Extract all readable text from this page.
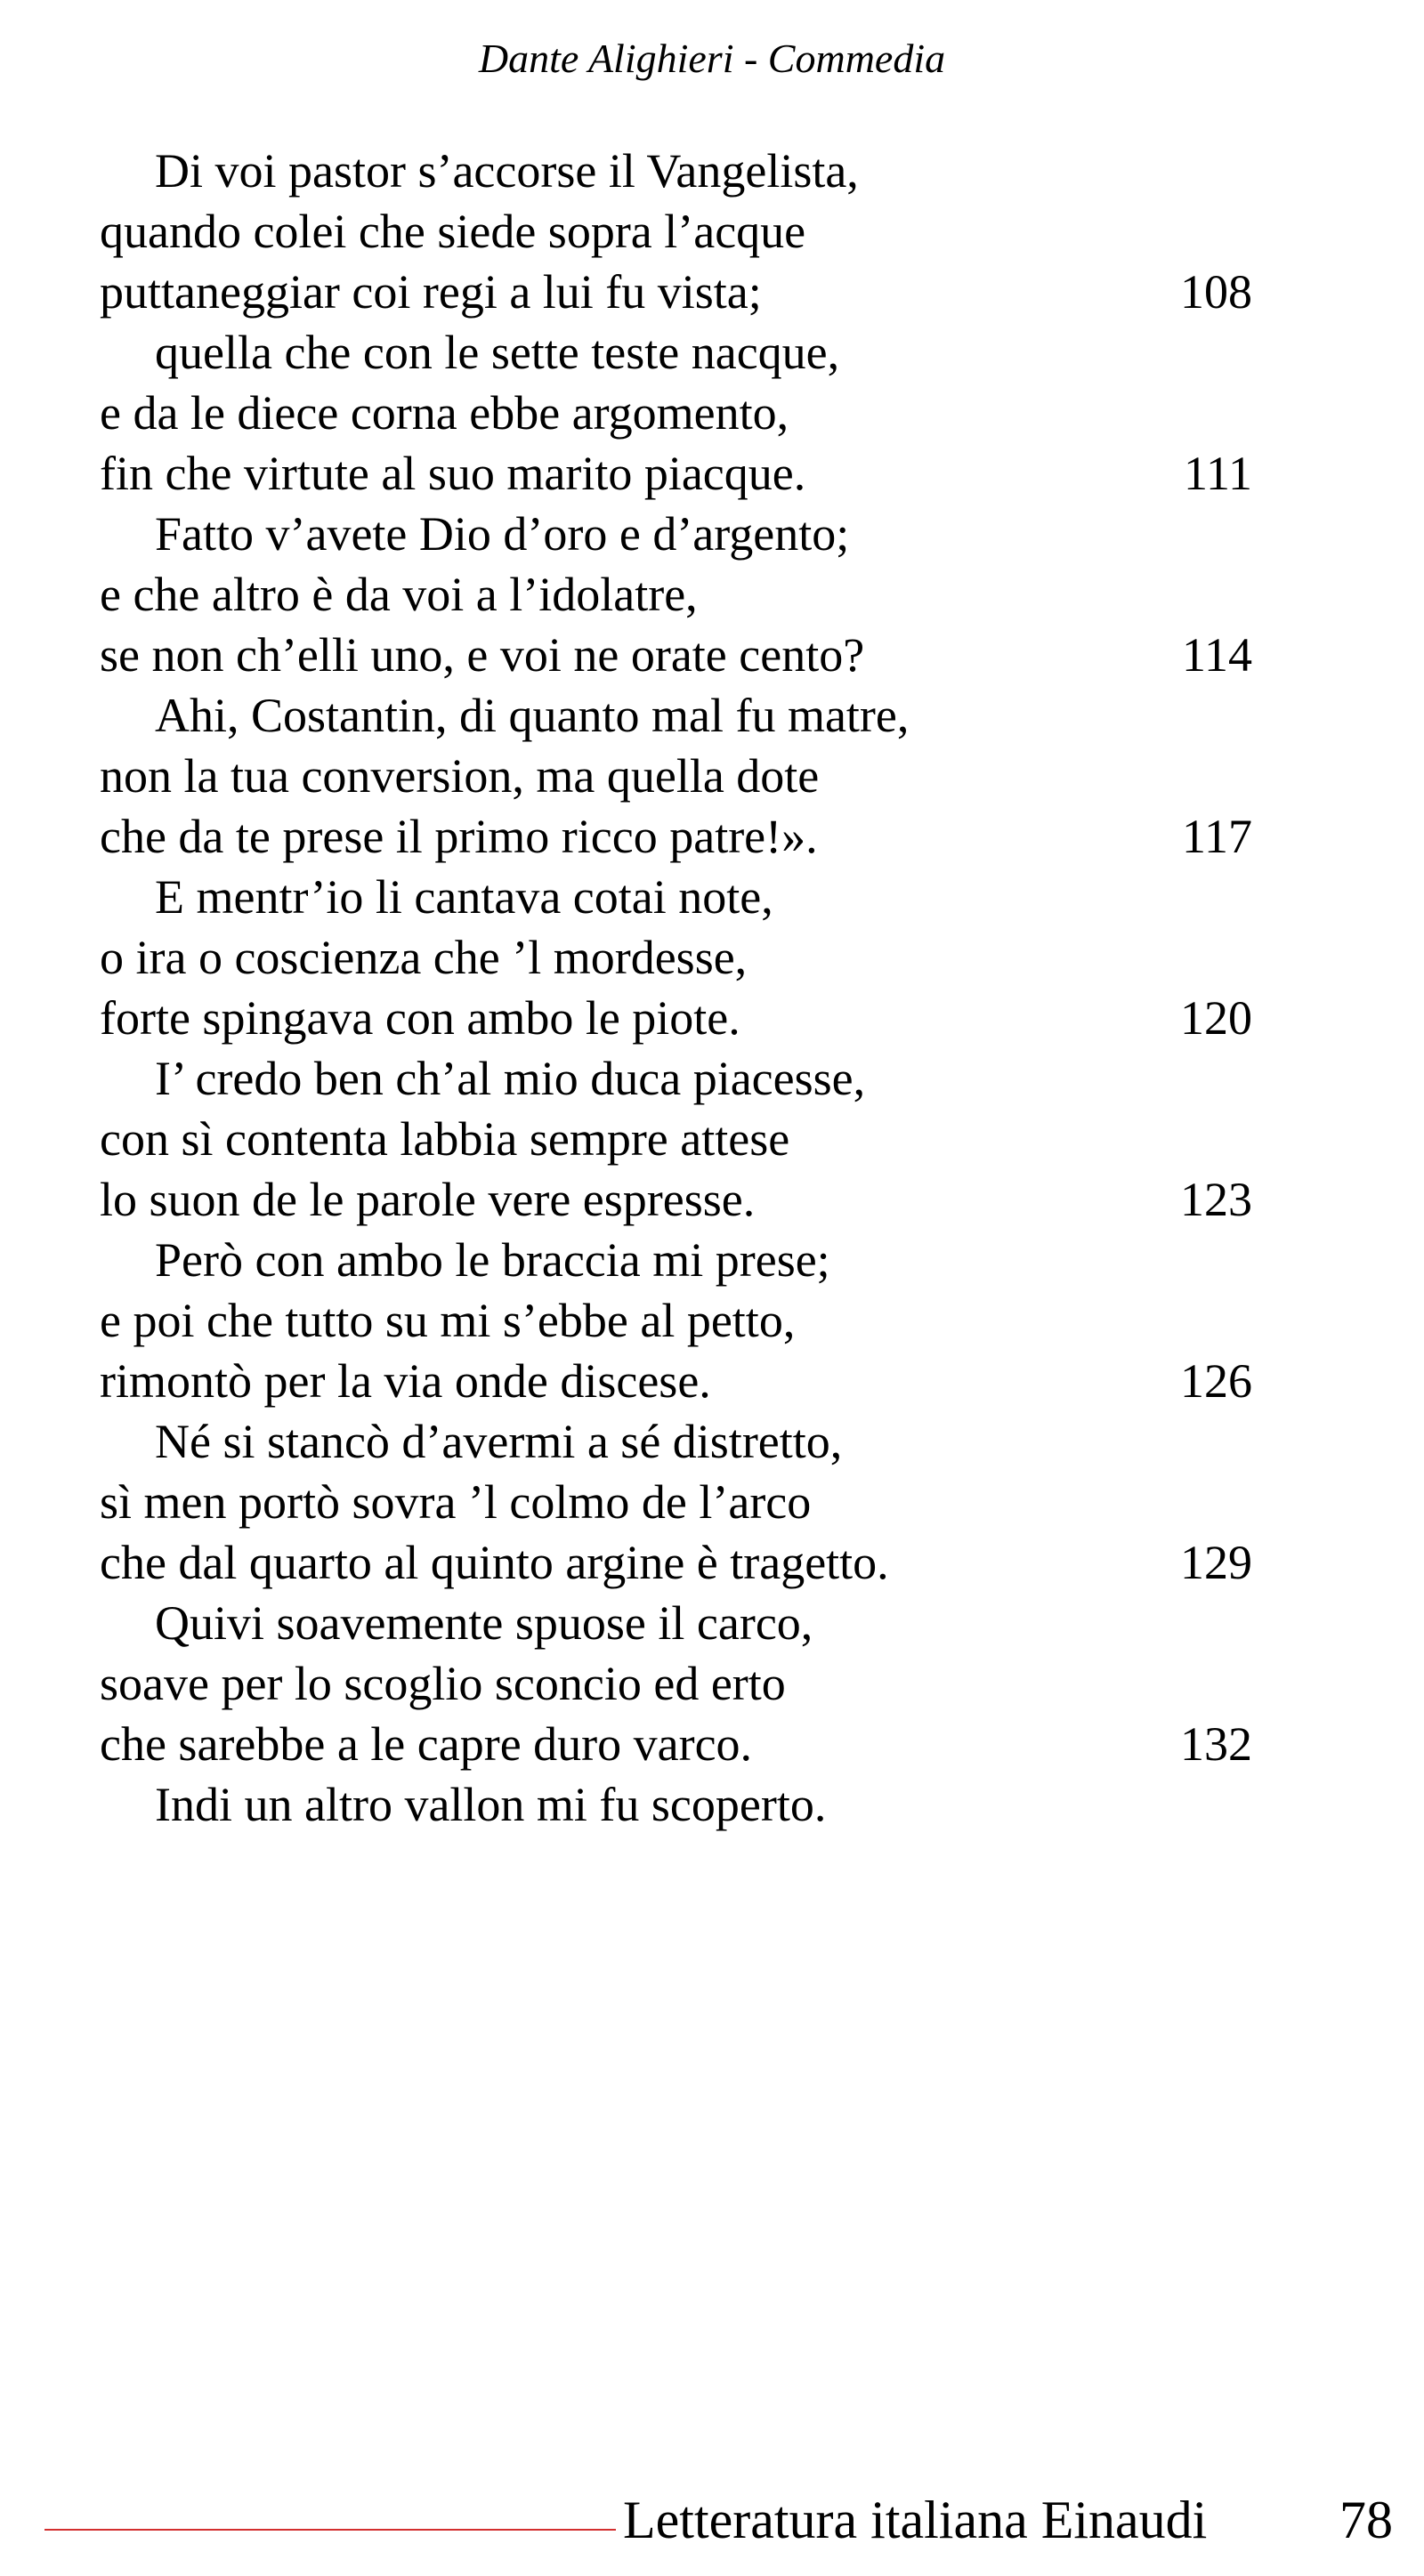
Dante Alighieri - Commedia
Di voi pastor s’accorse il Vangelista,
quando colei che siede sopra l’acque
puttaneggiar coi regi a lui fu vista;	108
quella che con le sette teste nacque,
e da le diece corna ebbe argomento,
fin che virtute al suo marito piacque.	111
Fatto v’avete Dio d’oro e d’argento;
e che altro è da voi a l’idolatre,
se non ch’elli uno, e voi ne orate cento?	114
Ahi, Costantin, di quanto mal fu matre,
non la tua conversion, ma quella dote
che da te prese il primo ricco patre!».	117
E mentr’io li cantava cotai note,
o ira o coscienza che ’l mordesse,
forte spingava con ambo le piote.	120
I’ credo ben ch’al mio duca piacesse,
con sì contenta labbia sempre attese
lo suon de le parole vere espresse.	123
Però con ambo le braccia mi prese;
e poi che tutto su mi s’ebbe al petto,
rimontò per la via onde discese.	126
Né si stancò d’avermi a sé distretto,
sì men portò sovra ’l colmo de l’arco
che dal quarto al quinto argine è tragetto.	129
Quivi soavemente spuose il carco,
soave per lo scoglio sconcio ed erto
che sarebbe a le capre duro varco.	132
Indi un altro vallon mi fu scoperto.
Letteratura italiana Einaudi 78
